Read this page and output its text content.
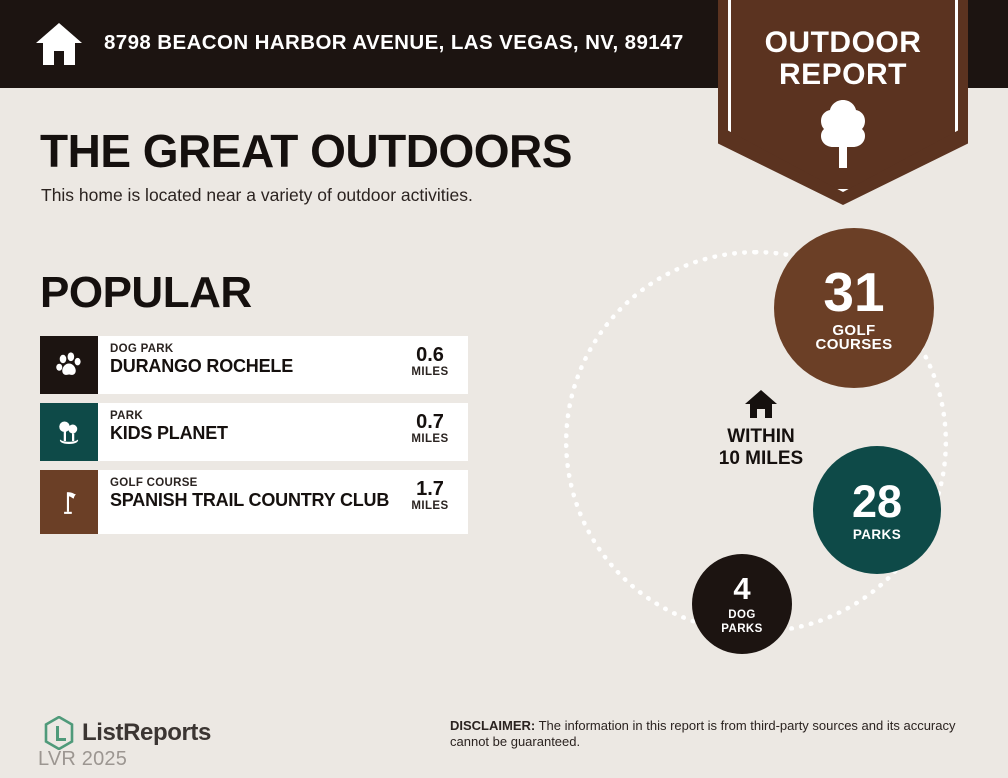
8798 BEACON HARBOR AVENUE, LAS VEGAS, NV, 89147	OUTDOOR
REPORT
THE GREAT OUTDOORS
This home is located near a variety of outdoor activities.
POPULAR
DOG PARK
DURANGO ROCHELE	0.6
MILES
PARK
KIDS PLANET	0.7
MILES
GOLF COURSE
SPANISH TRAIL COUNTRY CLUB	1.7
MILES
WITHIN
10 MILES
31
GOLF
COURSES
28
PARKS
4
DOG
PARKS
ListReports
LVR 2025
DISCLAIMER: The information in this report is from third-party sources and its accuracy cannot be guaranteed.
